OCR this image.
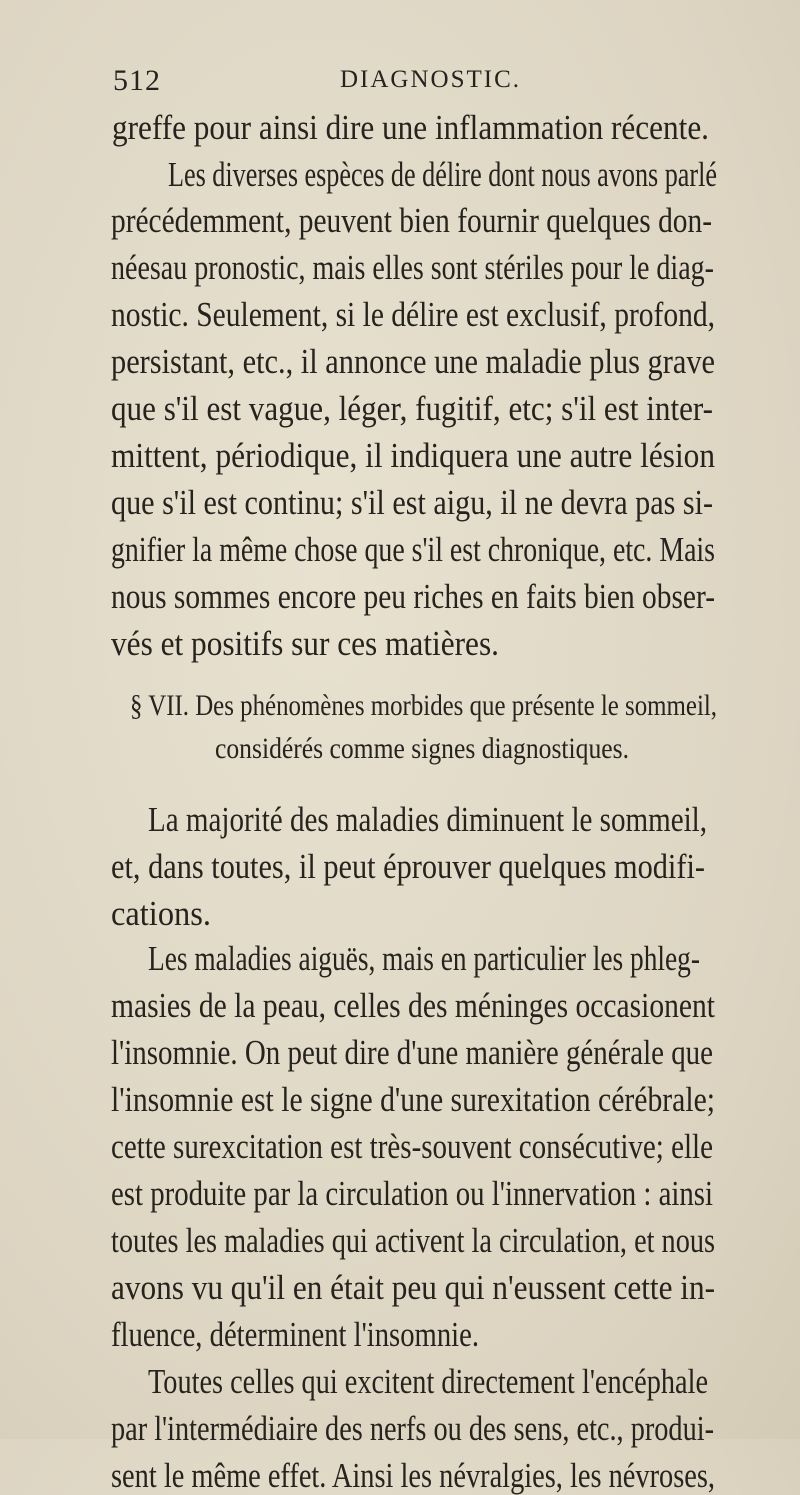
512	DIAGNOSTIC.
greffe pour ainsi dire une inflammation récente.
Les diverses espèces de délire dont nous avons parlé
précédemment, peuvent bien fournir quelques don-
néesau pronostic, mais elles sont stériles pour le diag-
nostic. Seulement, si le délire est exclusif, profond,
persistant, etc., il annonce une maladie plus grave
que s'il est vague, léger, fugitif, etc; s'il est inter-
mittent, périodique, il indiquera une autre lésion
que s'il est continu; s'il est aigu, il ne devra pas si-
gnifier la même chose que s'il est chronique, etc. Mais
nous sommes encore peu riches en faits bien obser-
vés et positifs sur ces matières.
§ VII. Des phénomènes morbides que présente le sommeil,
considérés comme signes diagnostiques.
La majorité des maladies diminuent le sommeil,
et, dans toutes, il peut éprouver quelques modifi-
cations.
Les maladies aiguës, mais en particulier les phleg-
masies de la peau, celles des méninges occasionent
l'insomnie. On peut dire d'une manière générale que
l'insomnie est le signe d'une surexitation cérébrale;
cette surexcitation est très-souvent consécutive; elle
est produite par la circulation ou l'innervation : ainsi
toutes les maladies qui activent la circulation, et nous
avons vu qu'il en était peu qui n'eussent cette in-
fluence, déterminent l'insomnie.
Toutes celles qui excitent directement l'encéphale
par l'intermédiaire des nerfs ou des sens, etc., produi-
sent le même effet. Ainsi les névralgies, les névroses,
